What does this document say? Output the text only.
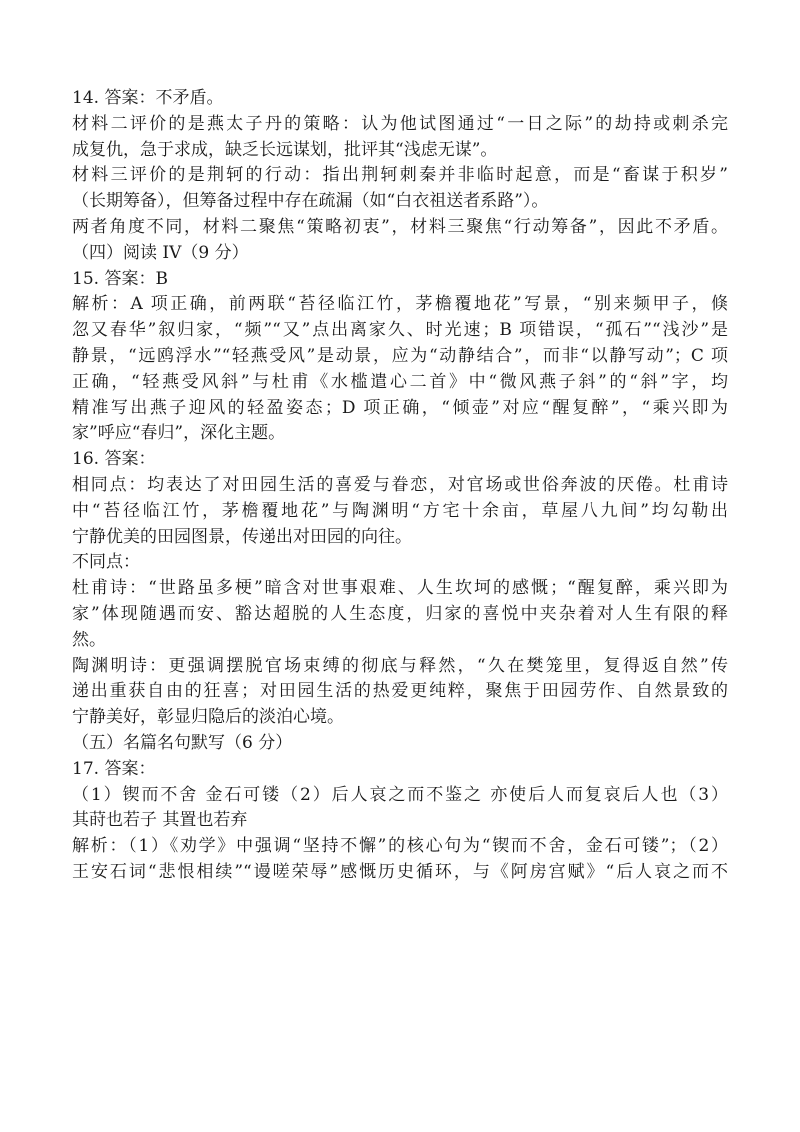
14. 答案：不矛盾。
材料二评价的是燕太子丹的策略：认为他试图通过“一日之际”的劫持或刺杀完
成复仇，急于求成，缺乏长远谋划，批评其“浅虑无谋”。
材料三评价的是荆轲的行动：指出荆轲刺秦并非临时起意，而是“畜谋于积岁”
（长期筹备），但筹备过程中存在疏漏（如“白衣祖送者系路”）。
两者角度不同，材料二聚焦“策略初衷”，材料三聚焦“行动筹备”，因此不矛盾。
（四）阅读 IV（9 分）
15. 答案：B
解析：A 项正确，前两联“苔径临江竹，茅檐覆地花”写景，“别来频甲子，倏
忽又春华”叙归家，“频”“又”点出离家久、时光速；B 项错误，“孤石”“浅沙”是
静景，“远鸥浮水”“轻燕受风”是动景，应为“动静结合”，而非“以静写动”；C 项
正确，“轻燕受风斜”与杜甫《水槛遣心二首》中“微风燕子斜”的“斜”字，均
精准写出燕子迎风的轻盈姿态；D 项正确，“倾壶”对应“醒复醉”，“乘兴即为
家”呼应“春归”，深化主题。
16. 答案：
相同点：均表达了对田园生活的喜爱与眷恋，对官场或世俗奔波的厌倦。杜甫诗
中“苔径临江竹，茅檐覆地花”与陶渊明“方宅十余亩，草屋八九间”均勾勒出
宁静优美的田园图景，传递出对田园的向往。
不同点：
杜甫诗：“世路虽多梗”暗含对世事艰难、人生坎坷的感慨；“醒复醉，乘兴即为
家”体现随遇而安、豁达超脱的人生态度，归家的喜悦中夹杂着对人生有限的释
然。
陶渊明诗：更强调摆脱官场束缚的彻底与释然，“久在樊笼里，复得返自然”传
递出重获自由的狂喜；对田园生活的热爱更纯粹，聚焦于田园劳作、自然景致的
宁静美好，彰显归隐后的淡泊心境。
（五）名篇名句默写（6 分）
17. 答案：
（1）锲而不舍 金石可镂（2）后人哀之而不鉴之 亦使后人而复哀后人也（3）
其莳也若子 其置也若弃
解析：（1）《劝学》中强调“坚持不懈”的核心句为“锲而不舍，金石可镂”；（2）
王安石词“悲恨相续”“谩嗟荣辱”感慨历史循环，与《阿房宫赋》“后人哀之而不
